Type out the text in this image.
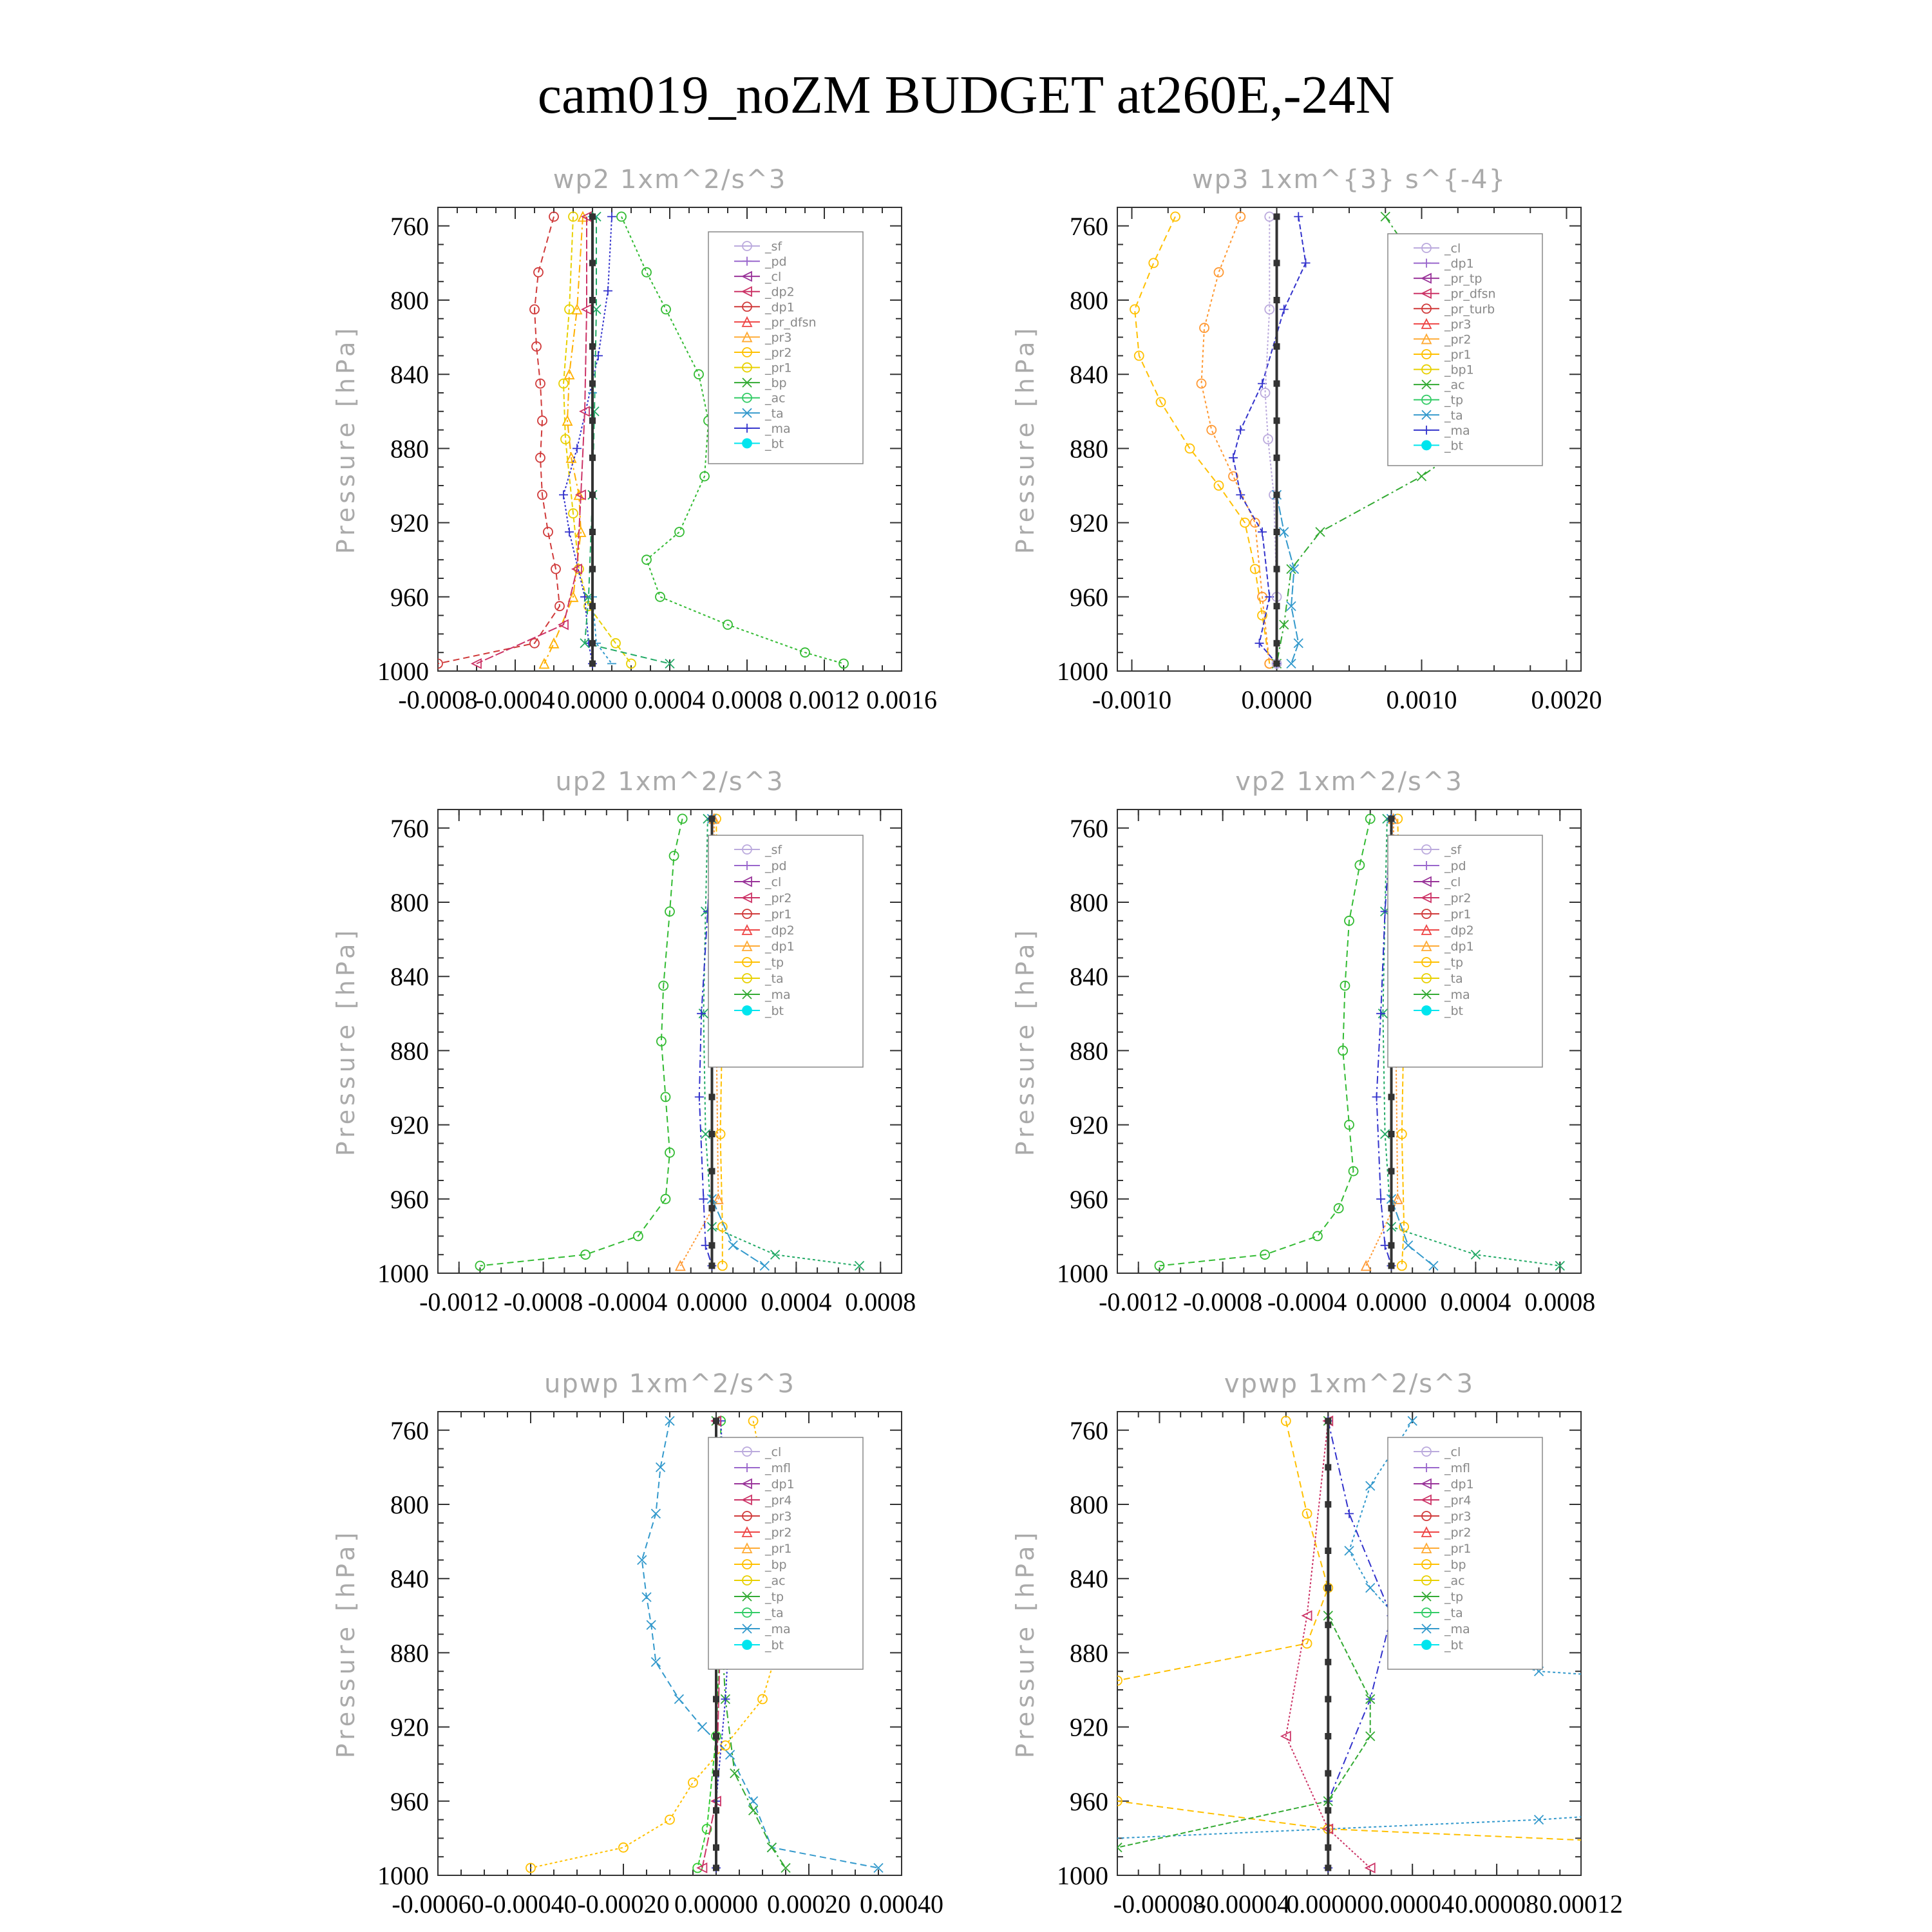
cam019_noZM BUDGET at260E,-24N
wp2 1xm^2/s^3
Pressure [hPa]
760
800
840
880
920
960
1000
-0.0008
-0.0004 0.0000 0.0004 0.0008 0.0012 0.0016
_sf
_pd
_cl
_dp2
_dp1
_pr_dfsn
_pr3
_pr2
_pr1
_bp
_ac
_ta
_ma
_bt
wp3 1xm^{3} s^{-4}
Pressure [hPa]
760
800
840
880
920
960
1000
-0.0010	0.0000	0.0010	0.0020
_cl
_dp1
_pr_tp
_pr_dfsn
_pr_turb
_pr3
_pr2
_pr1
_bp1
_ac
_tp
_ta
_ma
_bt
up2 1xm^2/s^3
Pressure [hPa]
760
800
840
880
920
960
1000
-0.0012 -0.0008 -0.0004 0.0000 0.0004 0.0008
_sf
_pd
_cl
_pr2
_pr1
_dp2
_dp1
_tp
_ta
_ma
_bt
vp2 1xm^2/s^3
Pressure [hPa]
760
800
840
880
920
960
1000
-0.0012 -0.0008 -0.0004 0.0000 0.0004 0.0008
_sf
_pd
_cl
_pr2
_pr1
_dp2
_dp1
_tp
_ta
_ma
_bt
upwp 1xm^2/s^3
Pressure [hPa]
760
800
840
880
920
960
1000
-0.00060 -0.00040 -0.00020 0.00000 0.00020 0.00040
_cl
_mfl
_dp1
_pr4
_pr3
_pr2
_pr1
_bp
_ac
_tp
_ta
_ma
_bt
vpwp 1xm^2/s^3
Pressure [hPa]
760
800
840
880
920
960
1000
-0.00008
-0.00004
0.00000 0.00004 0.00008 0.00012
_cl
_mfl
_dp1
_pr4
_pr3
_pr2
_pr1
_bp
_ac
_tp
_ta
_ma
_bt
